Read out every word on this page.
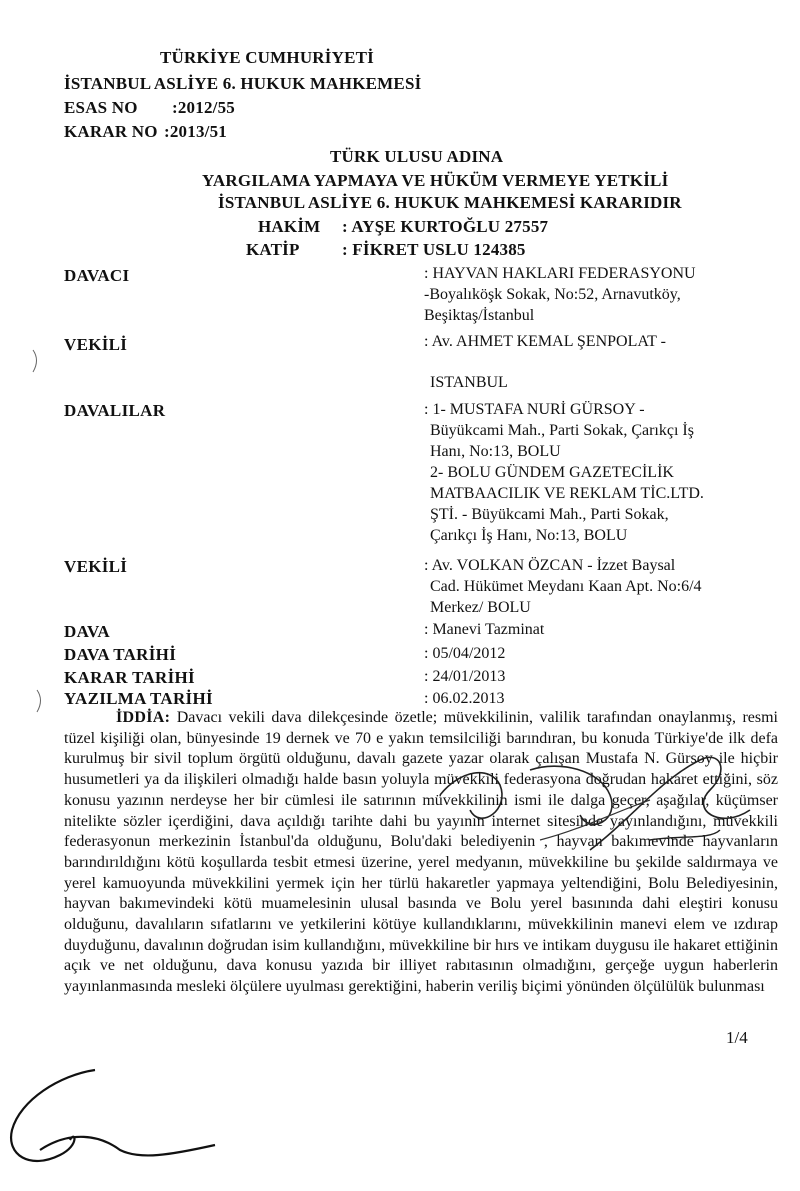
TÜRKİYE CUMHURİYETİ
İSTANBUL ASLİYE 6. HUKUK MAHKEMESİ
ESAS NO :2012/55
KARAR NO :2013/51
TÜRK ULUSU ADINA
YARGILAMA YAPMAYA VE HÜKÜM VERMEYE YETKİLİ
İSTANBUL ASLİYE 6. HUKUK MAHKEMESİ KARARIDIR
HAKİM : AYŞE KURTOĞLU 27557
KATİP : FİKRET USLU 124385
DAVACI	: HAYVAN HAKLARI FEDERASYONU
-Boyalıköşk Sokak, No:52, Arnavutköy,
Beşiktaş/İstanbul
VEKİLİ	: Av. AHMET KEMAL ŞENPOLAT -
ISTANBUL
DAVALILAR	: 1- MUSTAFA NURİ GÜRSOY -
Büyükcami Mah., Parti Sokak, Çarıkçı İş
Hanı, No:13, BOLU
2- BOLU GÜNDEM GAZETECİLİK
MATBAACILIK VE REKLAM TİC.LTD.
ŞTİ. - Büyükcami Mah., Parti Sokak,
Çarıkçı İş Hanı, No:13, BOLU
VEKİLİ	: Av. VOLKAN ÖZCAN - İzzet Baysal
Cad. Hükümet Meydanı Kaan Apt. No:6/4
Merkez/ BOLU
DAVA	: Manevi Tazminat
DAVA TARİHİ	: 05/04/2012
KARAR TARİHİ	: 24/01/2013
YAZILMA TARİHİ	: 06.02.2013
İDDİA: Davacı vekili dava dilekçesinde özetle; müvekkilinin, valilik tarafından onaylanmış, resmi tüzel kişiliği olan, bünyesinde 19 dernek ve 70 e yakın temsilciliği barındıran, bu konuda Türkiye'de ilk defa kurulmuş bir sivil toplum örgütü olduğunu, davalı gazete yazar olarak çalışan Mustafa N. Gürsoy ile hiçbir husumetleri ya da ilişkileri olmadığı halde basın yoluyla müvekkili federasyona doğrudan hakaret ettiğini, söz konusu yazının nerdeyse her bir cümlesi ile satırının müvekkilinin ismi ile dalga geçer, aşağılar, küçümser nitelikte sözler içerdiğini, dava açıldığı tarihte dahi bu yayının internet sitesinde yayınlandığını, müvekkili federasyonun merkezinin İstanbul'da olduğunu, Bolu'daki belediyenin , hayvan bakımevinde hayvanların barındırıldığını kötü koşullarda tesbit etmesi üzerine, yerel medyanın, müvekkiline bu şekilde saldırmaya ve yerel kamuoyunda müvekkilini yermek için her türlü hakaretler yapmaya yeltendiğini, Bolu Belediyesinin, hayvan bakımevindeki kötü muamelesinin ulusal basında ve Bolu yerel basınında dahi eleştiri konusu olduğunu, davalıların sıfatlarını ve yetkilerini kötüye kullandıklarını, müvekkilinin manevi elem ve ızdırap duyduğunu, davalının doğrudan isim kullandığını, müvekkiline bir hırs ve intikam duygusu ile hakaret ettiğinin açık ve net olduğunu, dava konusu yazıda bir illiyet rabıtasının olmadığını, gerçeğe uygun haberlerin yayınlanmasında mesleki ölçülere uyulması gerektiğini, haberin veriliş biçimi yönünden ölçülülük bulunması
1/4
